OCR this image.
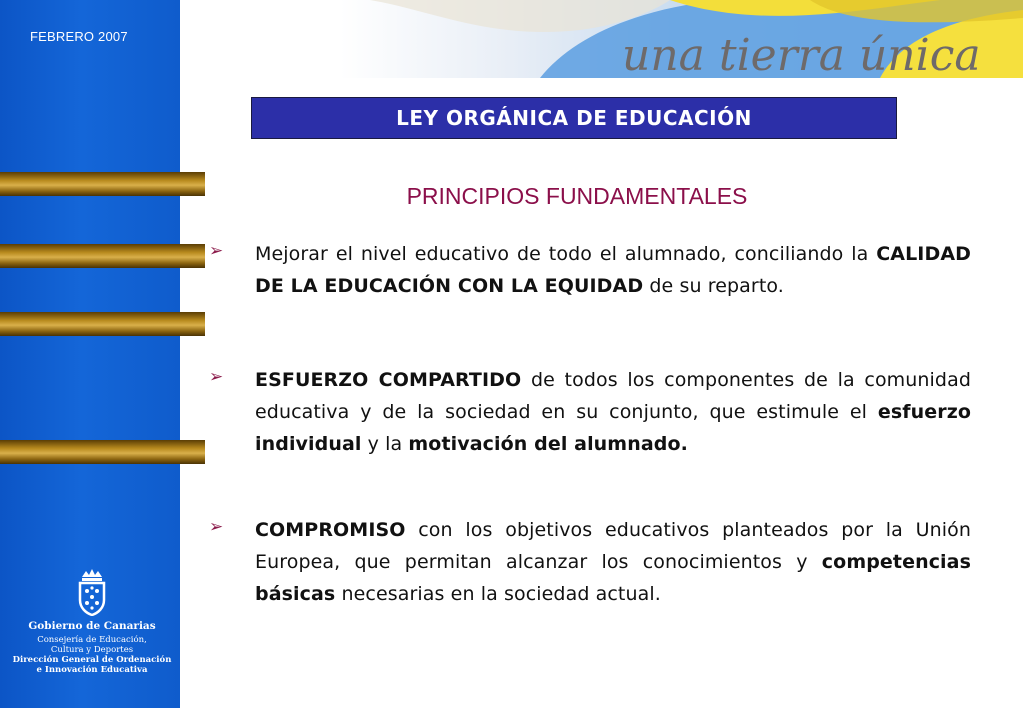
FEBRERO 2007	una tierra única
LEY ORGÁNICA DE EDUCACIÓN
PRINCIPIOS FUNDAMENTALES
➢ Mejorar el nivel educativo de todo el alumnado, conciliando la CALIDAD DE LA EDUCACIÓN CON LA EQUIDAD de su reparto.

➢ ESFUERZO COMPARTIDO de todos los componentes de la comunidad educativa y de la sociedad en su conjunto, que estimule el esfuerzo individual y la motivación del alumnado.

➢ COMPROMISO con los objetivos educativos planteados por la Unión Europea, que permitan alcanzar los conocimientos y competencias básicas necesarias en la sociedad actual.

Gobierno de Canarias
Consejería de Educación,
Cultura y Deportes
Dirección General de Ordenación
e Innovación Educativa
